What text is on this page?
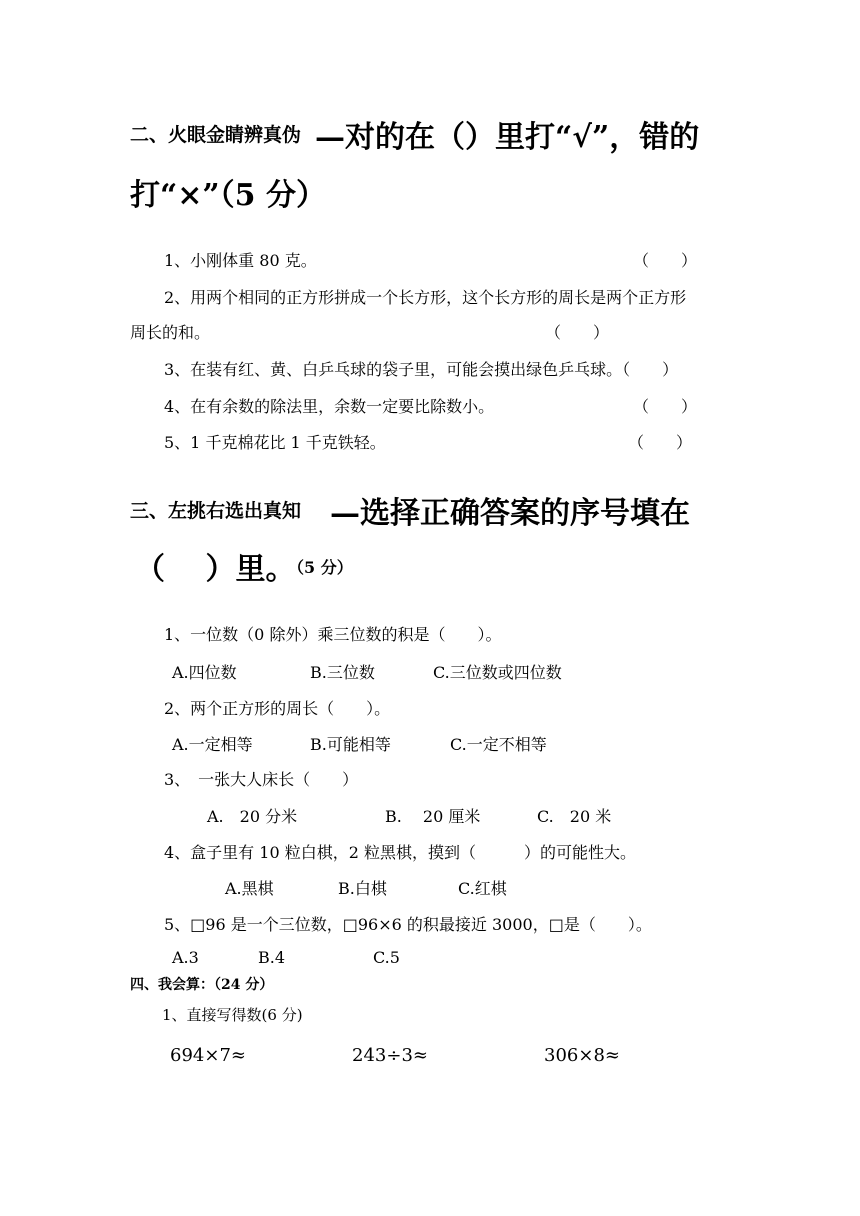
二、火眼金睛辨真伪 —对的在（）里打“√”，错的
打“×”（5 分）
1、小刚体重 80 克。	（　　）
2、用两个相同的正方形拼成一个长方形，这个长方形的周长是两个正方形
周长的和。	（　　）
3、在装有红、黄、白乒乓球的袋子里，可能会摸出绿色乒乓球。（　　）
4、在有余数的除法里，余数一定要比除数小。	（　　）
5、1 千克棉花比 1 千克铁轻。	（　　）
三、左挑右选出真知 —选择正确答案的序号填在
（　 ）里。
（5 分）
1、一位数（0 除外）乘三位数的积是（　　）。
A.四位数	B.三位数	C.三位数或四位数
2、两个正方形的周长（　　）。
A.一定相等	B.可能相等	C.一定不相等
3、　一张大人床长（　　）
A.　20 分米	B.　 20 厘米	C.　20 米
4、盒子里有 10 粒白棋，2 粒黑棋，摸到（　　　）的可能性大。
A.黑棋	B.白棋	C.红棋
5、□96 是一个三位数，□96×6 的积最接近 3000，□是（　　）。
A.3	B.4	C.5
四、我会算：（24 分）
1、直接写得数(6 分)
694×7≈	243÷3≈	306×8≈
